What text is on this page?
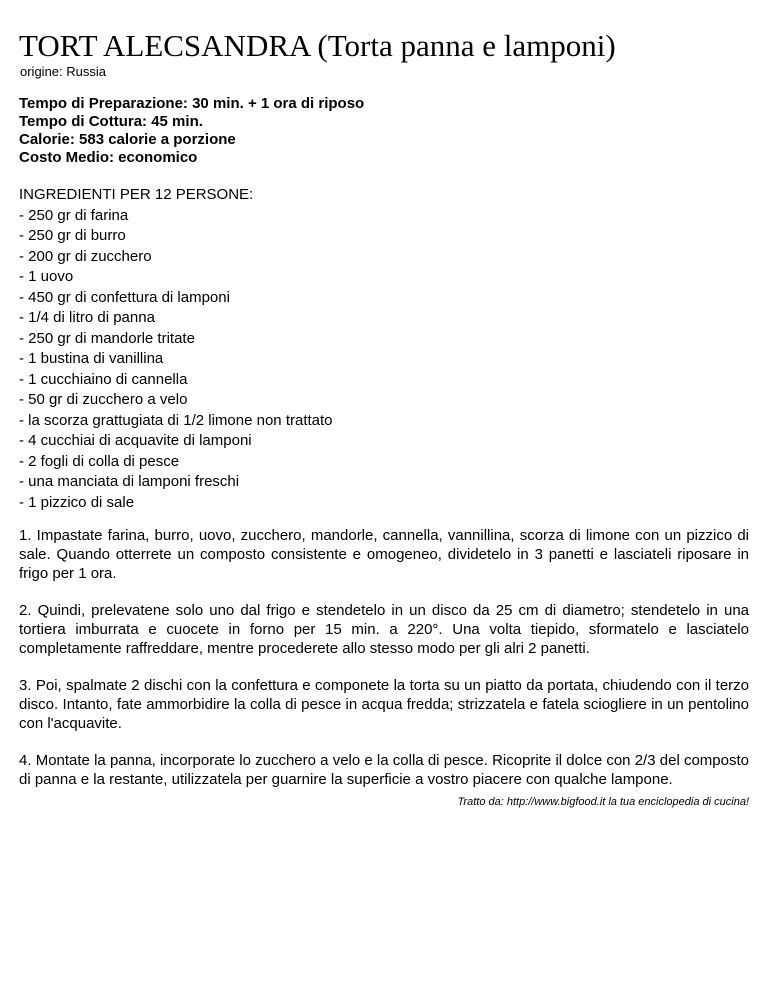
TORT ALECSANDRA (Torta panna e lamponi)

origine: Russia

Tempo di Preparazione: 30 min. + 1 ora di riposo
Tempo di Cottura: 45 min.
Calorie: 583 calorie a porzione
Costo Medio: economico
INGREDIENTI PER 12 PERSONE:
- 250 gr di farina
- 250 gr di burro
- 200 gr di zucchero
- 1 uovo
- 450 gr di confettura di lamponi
- 1/4 di litro di panna
- 250 gr di mandorle tritate
- 1 bustina di vanillina
- 1 cucchiaino di cannella
- 50 gr di zucchero a velo
- la scorza grattugiata di 1/2 limone non trattato
- 4 cucchiai di acquavite di lamponi
- 2 fogli di colla di pesce
- una manciata di lamponi freschi
- 1 pizzico di sale

1. Impastate farina, burro, uovo, zucchero, mandorle, cannella, vannillina, scorza di limone con un pizzico di sale. Quando otterrete un composto consistente e omogeneo, dividetelo in 3 panetti e lasciateli riposare in frigo per 1 ora.

2. Quindi, prelevatene solo uno dal frigo e stendetelo in un disco da 25 cm di diametro; stendetelo in una tortiera imburrata e cuocete in forno per 15 min. a 220°. Una volta tiepido, sformatelo e lasciatelo completamente raffreddare, mentre procederete allo stesso modo per gli alri 2 panetti.

3. Poi, spalmate 2 dischi con la confettura e componete la torta su un piatto da portata, chiudendo con il terzo disco. Intanto, fate ammorbidire la colla di pesce in acqua fredda; strizzatela e fatela sciogliere in un pentolino con l'acquavite.

4. Montate la panna, incorporate lo zucchero a velo e la colla di pesce. Ricoprite il dolce con 2/3 del composto di panna e la restante, utilizzatela per guarnire la superficie a vostro piacere con qualche lampone.

Tratto da: http://www.bigfood.it la tua enciclopedia di cucina!
